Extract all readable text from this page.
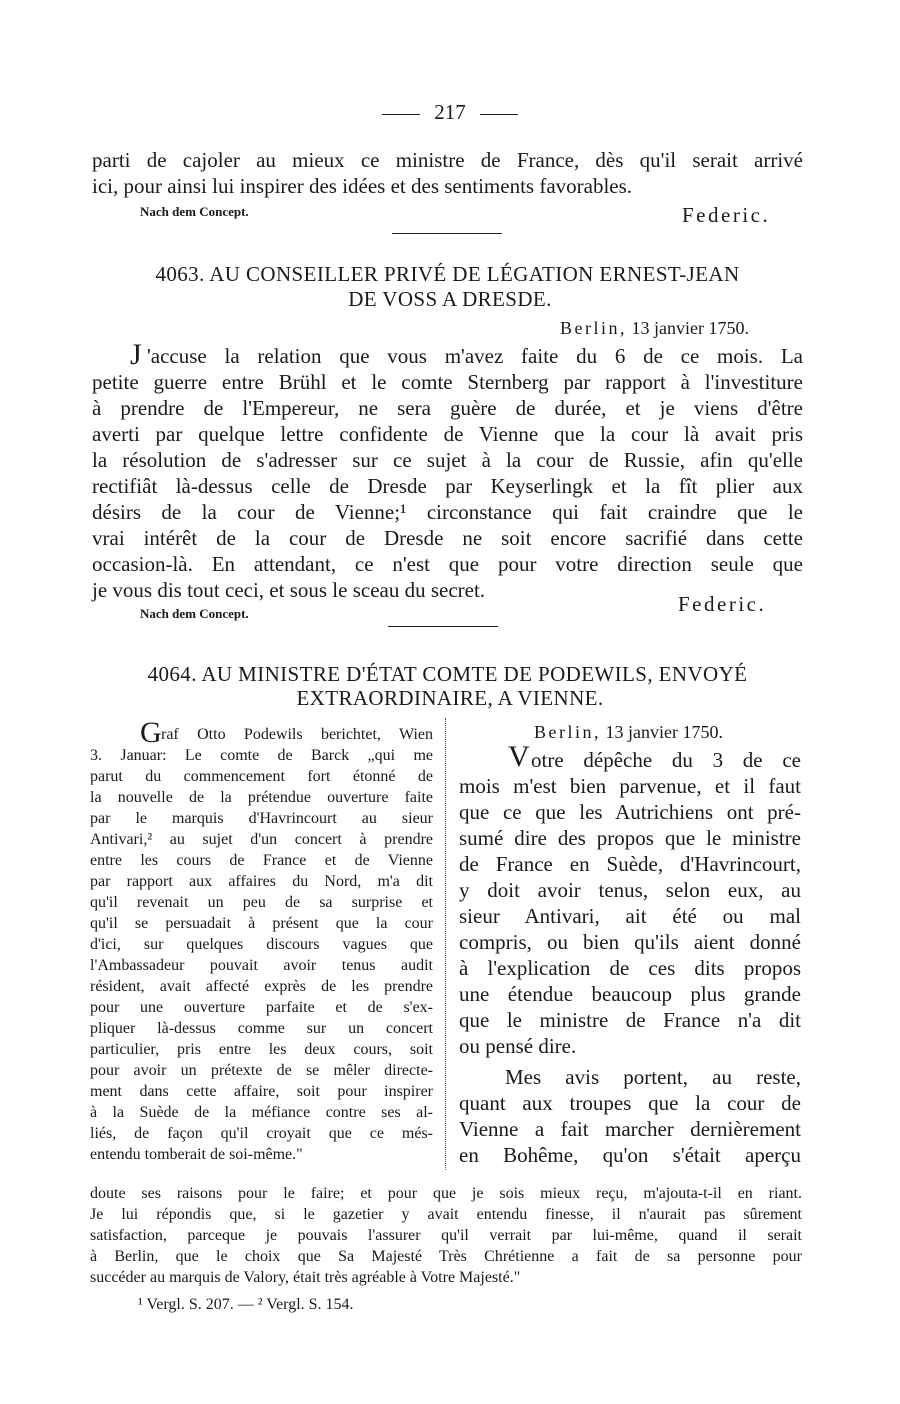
217
parti de cajoler au mieux ce ministre de France, dès qu'il serait arrivé
ici, pour ainsi lui inspirer des idées et des sentiments favorables.
Nach dem Concept.	Federic.
4063. AU CONSEILLER PRIVÉ DE LÉGATION ERNEST-JEAN
DE VOSS A DRESDE.
Berlin, 13 janvier 1750.
J 'accuse la relation que vous m'avez faite du 6 de ce mois. La
petite guerre entre Brühl et le comte Sternberg par rapport à l'investiture
à prendre de l'Empereur, ne sera guère de durée, et je viens d'être
averti par quelque lettre confidente de Vienne que la cour là avait pris
la résolution de s'adresser sur ce sujet à la cour de Russie, afin qu'elle
rectifiât là-dessus celle de Dresde par Keyserlingk et la fît plier aux
désirs de la cour de Vienne;¹ circonstance qui fait craindre que le
vrai intérêt de la cour de Dresde ne soit encore sacrifié dans cette
occasion-là. En attendant, ce n'est que pour votre direction seule que
je vous dis tout ceci, et sous le sceau du secret.
Nach dem Concept.	Federic.
4064. AU MINISTRE D'ÉTAT COMTE DE PODEWILS, ENVOYÉ
EXTRAORDINAIRE, A VIENNE.
G raf Otto Podewils berichtet, Wien
3. Januar: Le comte de Barck „qui me
parut du commencement fort étonné de
la nouvelle de la prétendue ouverture faite
par le marquis d'Havrincourt au sieur
Antivari,² au sujet d'un concert à prendre
entre les cours de France et de Vienne
par rapport aux affaires du Nord, m'a dit
qu'il revenait un peu de sa surprise et
qu'il se persuadait à présent que la cour
d'ici, sur quelques discours vagues que
l'Ambassadeur pouvait avoir tenus audit
résident, avait affecté exprès de les prendre
pour une ouverture parfaite et de s'ex-
pliquer là-dessus comme sur un concert
particulier, pris entre les deux cours, soit
pour avoir un prétexte de se mêler directe-
ment dans cette affaire, soit pour inspirer
à la Suède de la méfiance contre ses al-
liés, de façon qu'il croyait que ce més-
entendu tomberait de soi-même."
Berlin, 13 janvier 1750.
V otre dépêche du 3 de ce
mois m'est bien parvenue, et il faut
que ce que les Autrichiens ont pré-
sumé dire des propos que le ministre
de France en Suède, d'Havrincourt,
y doit avoir tenus, selon eux, au
sieur Antivari, ait été ou mal
compris, ou bien qu'ils aient donné
à l'explication de ces dits propos
une étendue beaucoup plus grande
que le ministre de France n'a dit
ou pensé dire.
Mes avis portent, au reste,
quant aux troupes que la cour de
Vienne a fait marcher dernièrement
en Bohême, qu'on s'était aperçu
doute ses raisons pour le faire; et pour que je sois mieux reçu, m'ajouta-t-il en riant.
Je lui répondis que, si le gazetier y avait entendu finesse, il n'aurait pas sûrement
satisfaction, parceque je pouvais l'assurer qu'il verrait par lui-même, quand il serait
à Berlin, que le choix que Sa Majesté Très Chrétienne a fait de sa personne pour
succéder au marquis de Valory, était très agréable à Votre Majesté."
¹ Vergl. S. 207. — ² Vergl. S. 154.
